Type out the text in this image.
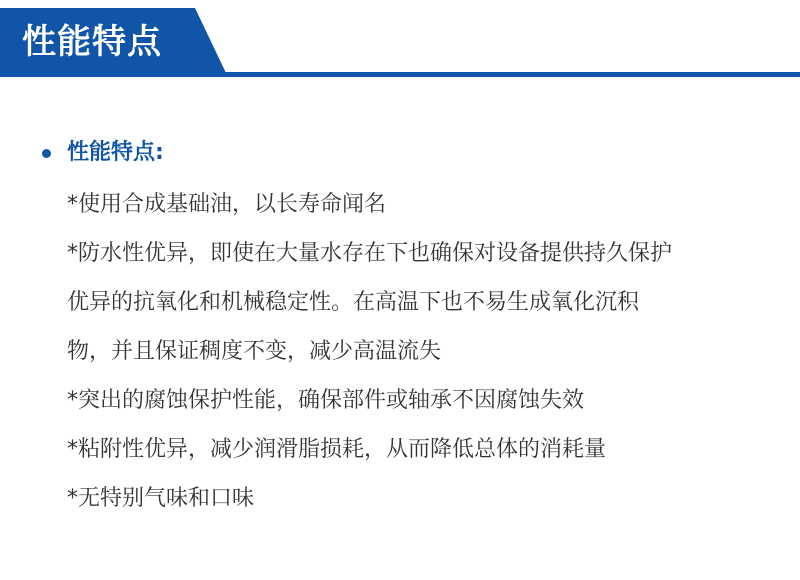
性能特点
性能特点:
*使用合成基础油，以长寿命闻名
*防水性优异，即使在大量水存在下也确保对设备提供持久保护
优异的抗氧化和机械稳定性。在高温下也不易生成氧化沉积
物，并且保证稠度不变，减少高温流失
*突出的腐蚀保护性能，确保部件或轴承不因腐蚀失效
*粘附性优异，减少润滑脂损耗，从而降低总体的消耗量
*无特别气味和口味
